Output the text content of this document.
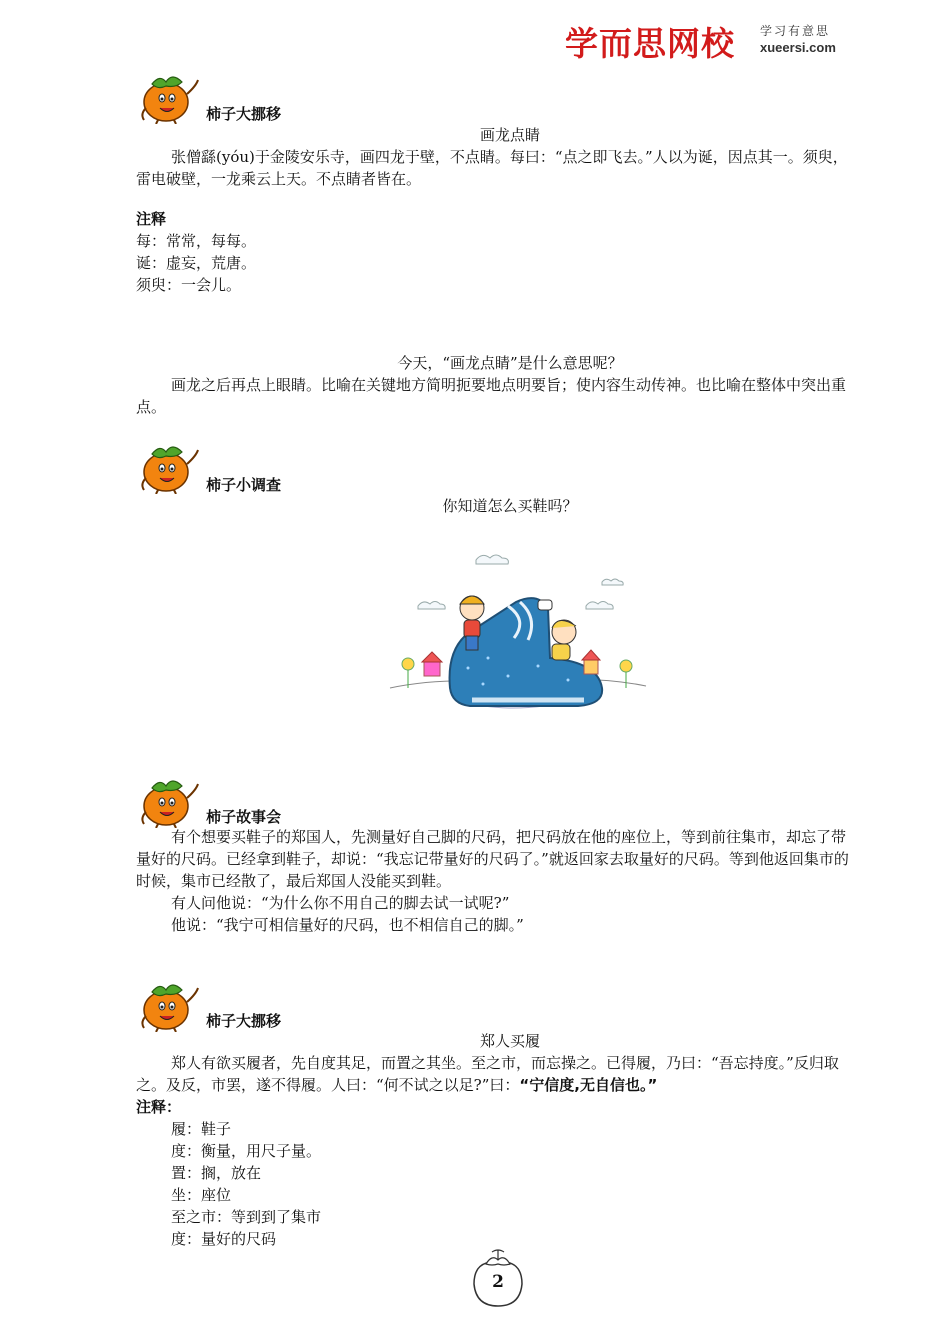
学而思网校 学习有意思
xueersi.com
柿子大挪移
画龙点睛
张僧繇(yóu)于金陵安乐寺，画四龙于壁，不点睛。每曰：“点之即飞去。”人以为诞，因点其一。须臾，雷电破壁，一龙乘云上天。不点睛者皆在。
注释
每：常常，每每。
诞：虚妄，荒唐。
须臾：一会儿。
今天，“画龙点睛”是什么意思呢？
画龙之后再点上眼睛。比喻在关键地方简明扼要地点明要旨；使内容生动传神。也比喻在整体中突出重点。
柿子小调查
你知道怎么买鞋吗？
柿子故事会
有个想要买鞋子的郑国人，先测量好自己脚的尺码，把尺码放在他的座位上，等到前往集市，却忘了带量好的尺码。已经拿到鞋子，却说：“我忘记带量好的尺码了。”就返回家去取量好的尺码。等到他返回集市的时候，集市已经散了，最后郑国人没能买到鞋。
有人问他说：“为什么你不用自己的脚去试一试呢?”
他说：“我宁可相信量好的尺码，也不相信自己的脚。”
柿子大挪移
郑人买履
郑人有欲买履者，先自度其足，而置之其坐。至之市，而忘操之。已得履，乃曰：“吾忘持度。”反归取之。及反，市罢，遂不得履。人曰：“何不试之以足?”曰：“宁信度,无自信也。”
注释：
履：鞋子
度：衡量，用尺子量。
置：搁，放在
坐：座位
至之市：等到到了集市
度：量好的尺码
2
